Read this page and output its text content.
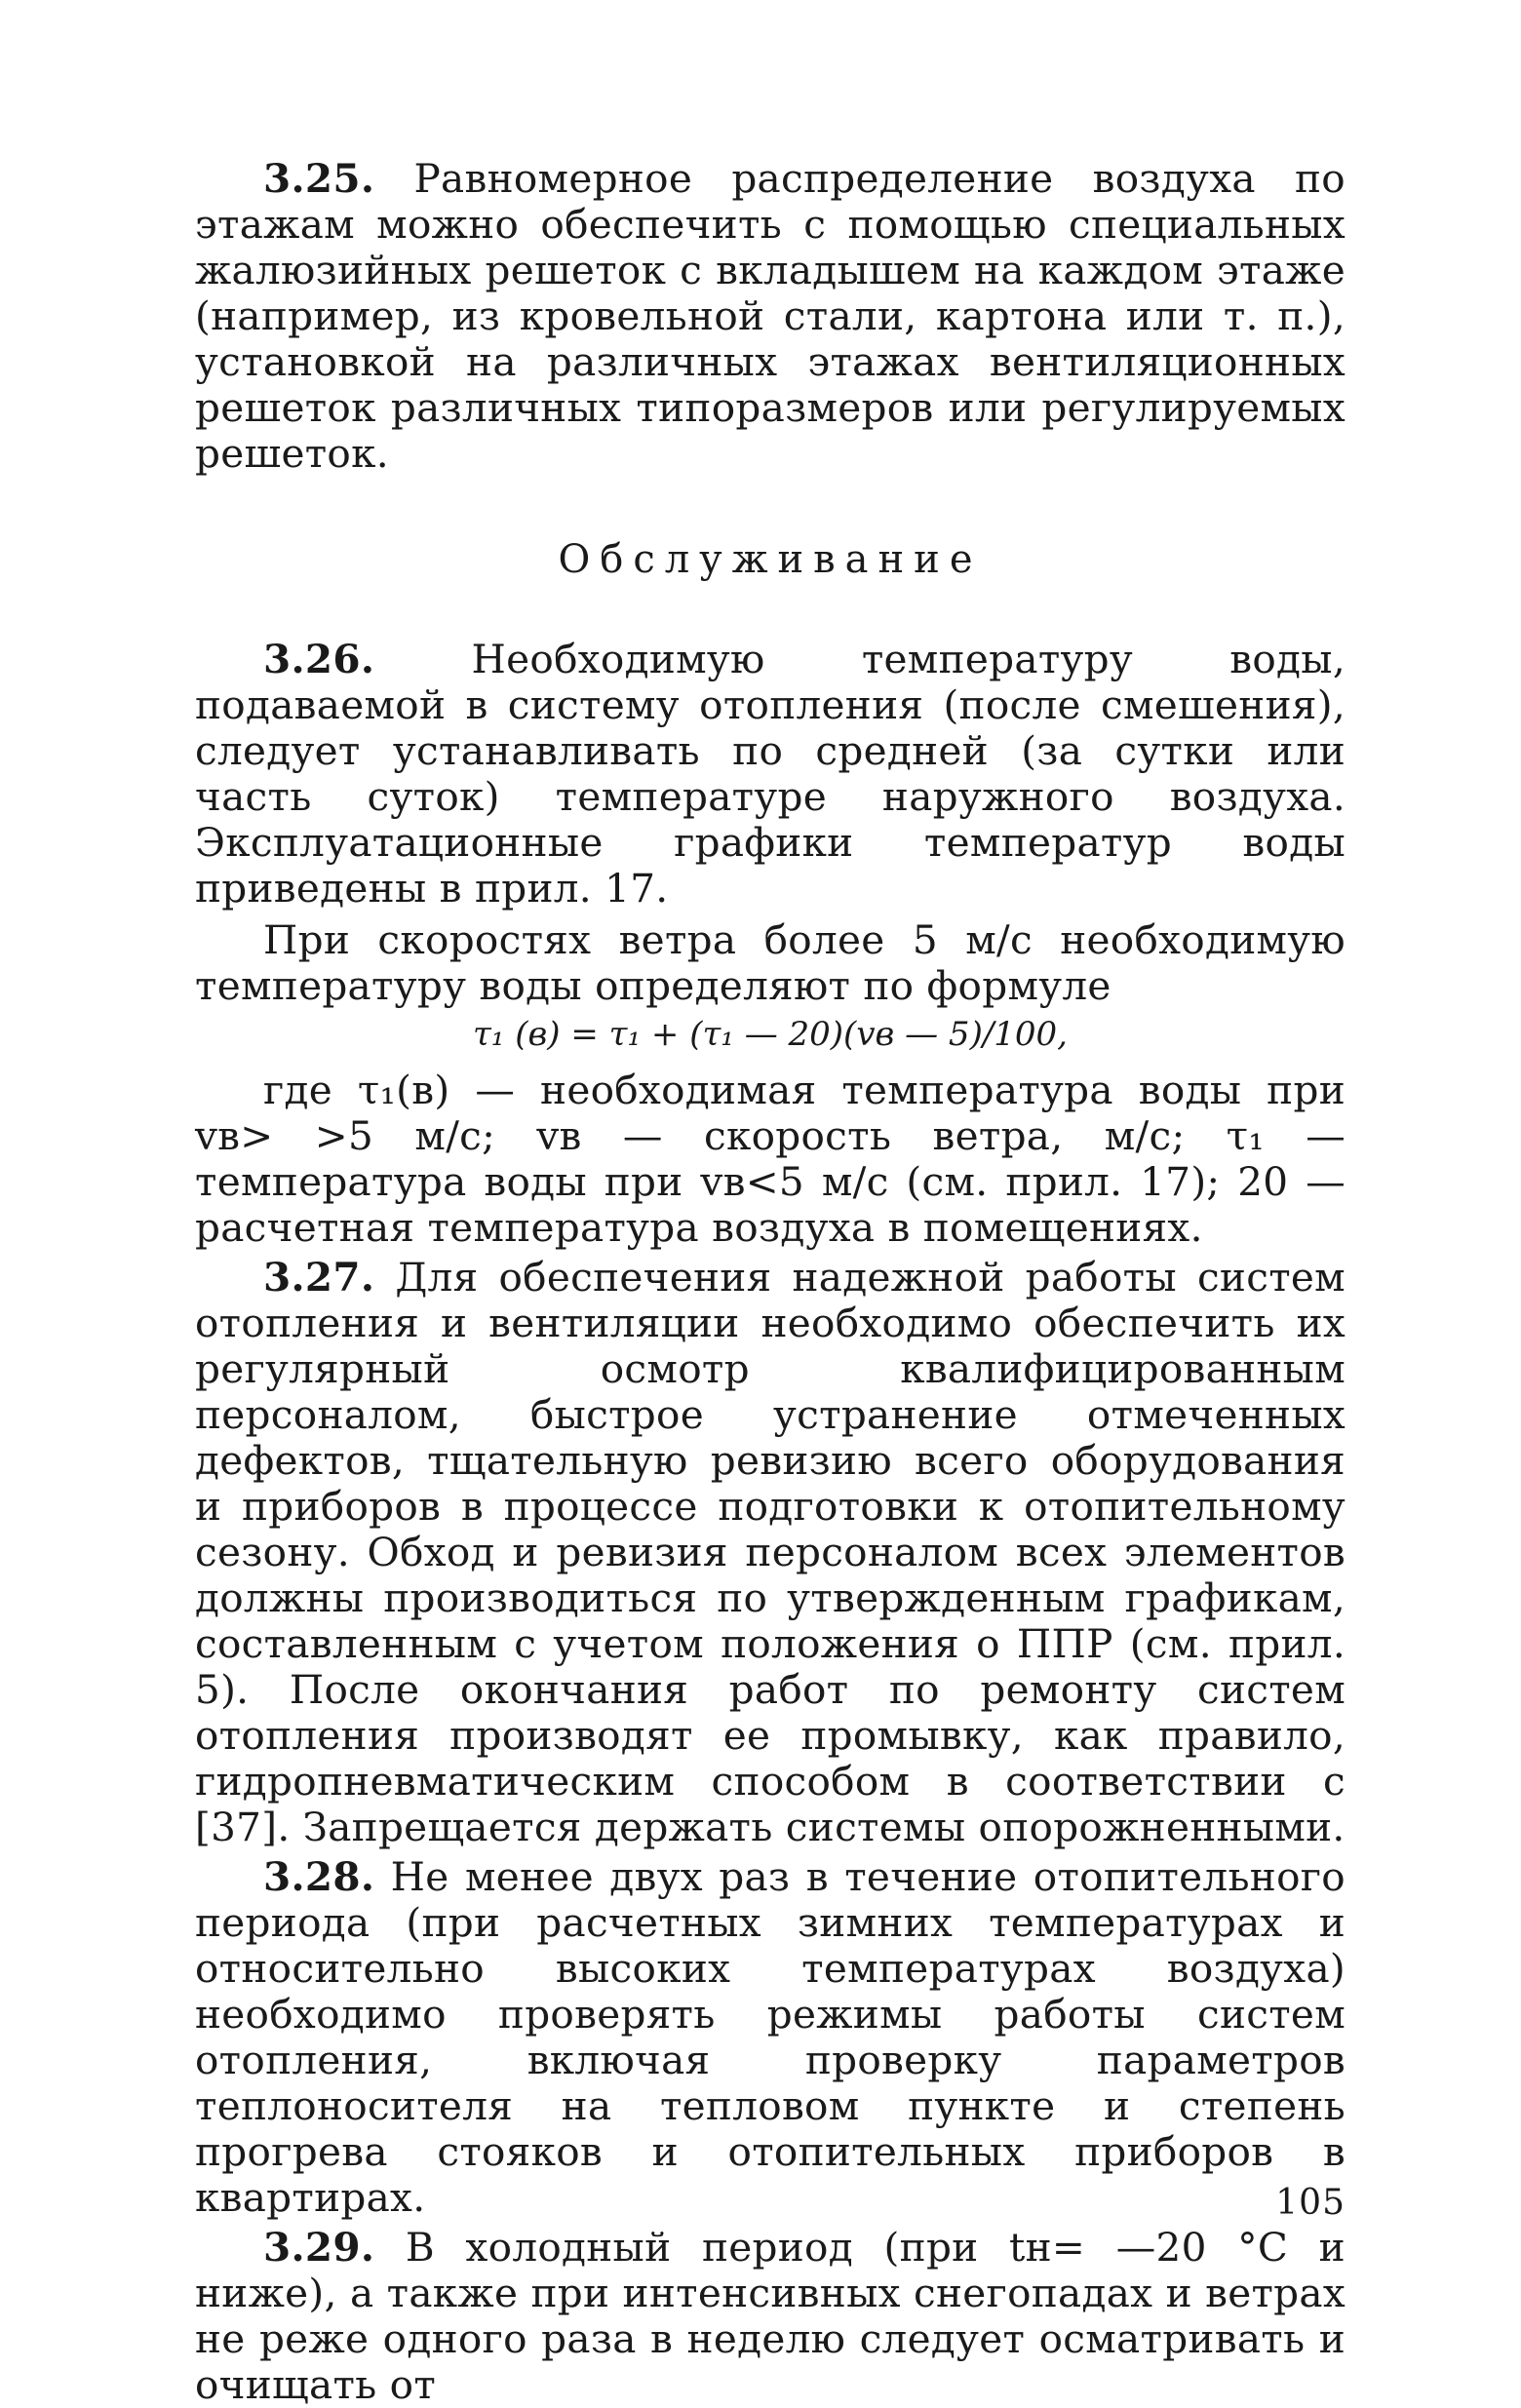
3.25. Равномерное распределение воздуха по этажам можно обеспечить с помощью специальных жалюзийных решеток с вкладышем на каждом этаже (например, из кровельной стали, картона или т. п.), установкой на различных этажах вентиляционных решеток различных типоразмеров или регулируемых решеток.

Обслуживание

3.26. Необходимую температуру воды, подаваемой в систему отопления (после смешения), следует устанавливать по средней (за сутки или часть суток) температуре наружного воздуха. Эксплуатационные графики температур воды приведены в прил. 17.

При скоростях ветра более 5 м/с необходимую температуру воды определяют по формуле

τ₁ (в) = τ₁ + (τ₁ — 20)(vв — 5)/100,

где τ₁(в) — необходимая температура воды при vв> >5 м/с; vв — скорость ветра, м/с; τ₁ — температура воды при vв<5 м/с (см. прил. 17); 20 — расчетная температура воздуха в помещениях.

3.27. Для обеспечения надежной работы систем отопления и вентиляции необходимо обеспечить их регулярный осмотр квалифицированным персоналом, быстрое устранение отмеченных дефектов, тщательную ревизию всего оборудования и приборов в процессе подготовки к отопительному сезону. Обход и ревизия персоналом всех элементов должны производиться по утвержденным графикам, составленным с учетом положения о ППР (см. прил. 5). После окончания работ по ремонту систем отопления производят ее промывку, как правило, гидропневматическим способом в соответствии с [37]. Запрещается держать системы опорожненными.

3.28. Не менее двух раз в течение отопительного периода (при расчетных зимних температурах и относительно высоких температурах воздуха) необходимо проверять режимы работы систем отопления, включая проверку параметров теплоносителя на тепловом пункте и степень прогрева стояков и отопительных приборов в квартирах.

3.29. В холодный период (при tн= —20 °С и ниже), а также при интенсивных снегопадах и ветрах не реже одного раза в неделю следует осматривать и очищать от

105
